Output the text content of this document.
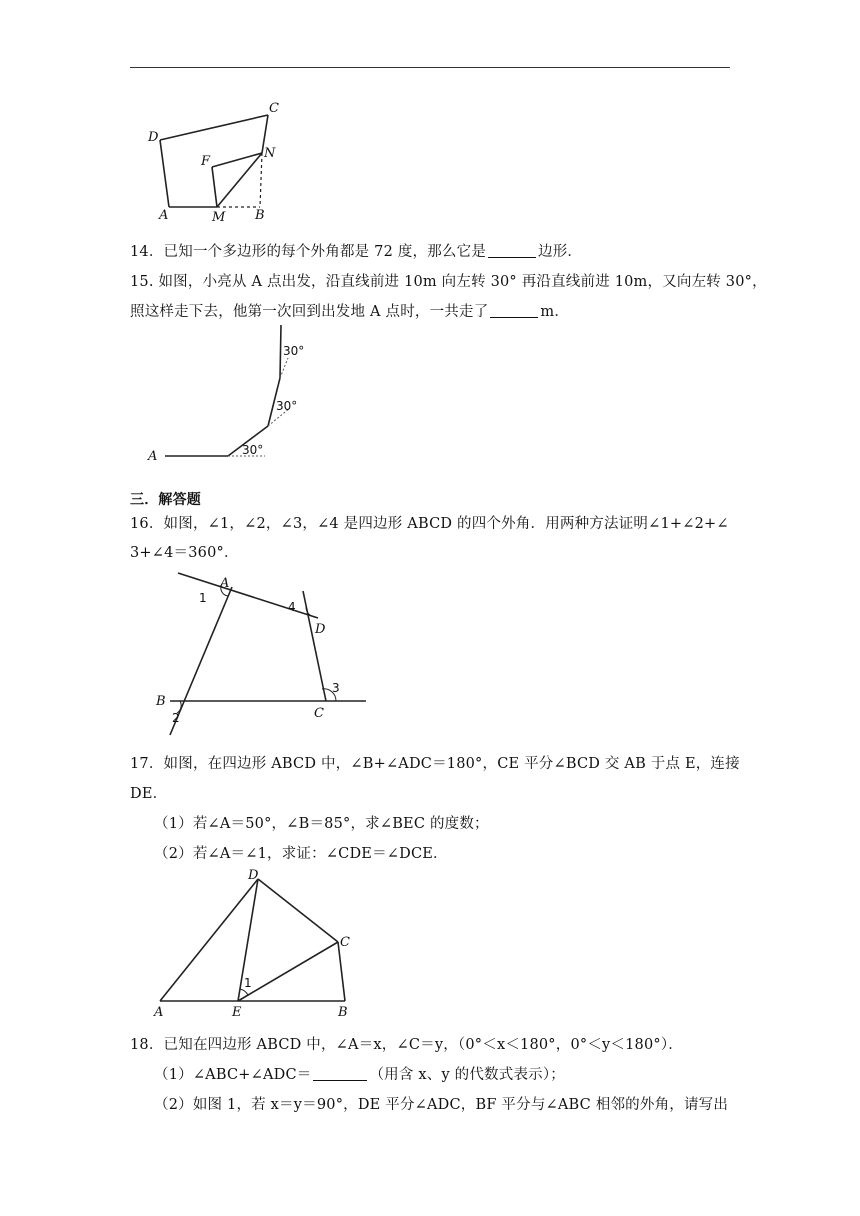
D
C
F
N
A	M B
14．已知一个多边形的每个外角都是 72 度，那么它是	边形．
15. 如图，小亮从 A 点出发，沿直线前进 10m 向左转 30° 再沿直线前进 10m，又向左转 30°，
照这样走下去，他第一次回到出发地 A 点时，一共走了	m．
A	30°
30°
30°
三．解答题
16．如图，∠1，∠2，∠3，∠4 是四边形 ABCD 的四个外角．用两种方法证明∠1+∠2+∠
3+∠4＝360°．
A
B
C
D
1
2
3
4
17．如图，在四边形 ABCD 中，∠B+∠ADC＝180°，CE 平分∠BCD 交 AB 于点 E，连接
DE．
（1）若∠A＝50°，∠B＝85°，求∠BEC 的度数；
（2）若∠A＝∠1，求证：∠CDE＝∠DCE．
D
C
A	E	B
1
18．已知在四边形 ABCD 中，∠A＝x，∠C＝y，（0°＜x＜180°，0°＜y＜180°）．
（1）∠ABC+∠ADC＝	（用含 x、y 的代数式表示）；
（2）如图 1，若 x＝y＝90°，DE 平分∠ADC，BF 平分与∠ABC 相邻的外角，请写出
